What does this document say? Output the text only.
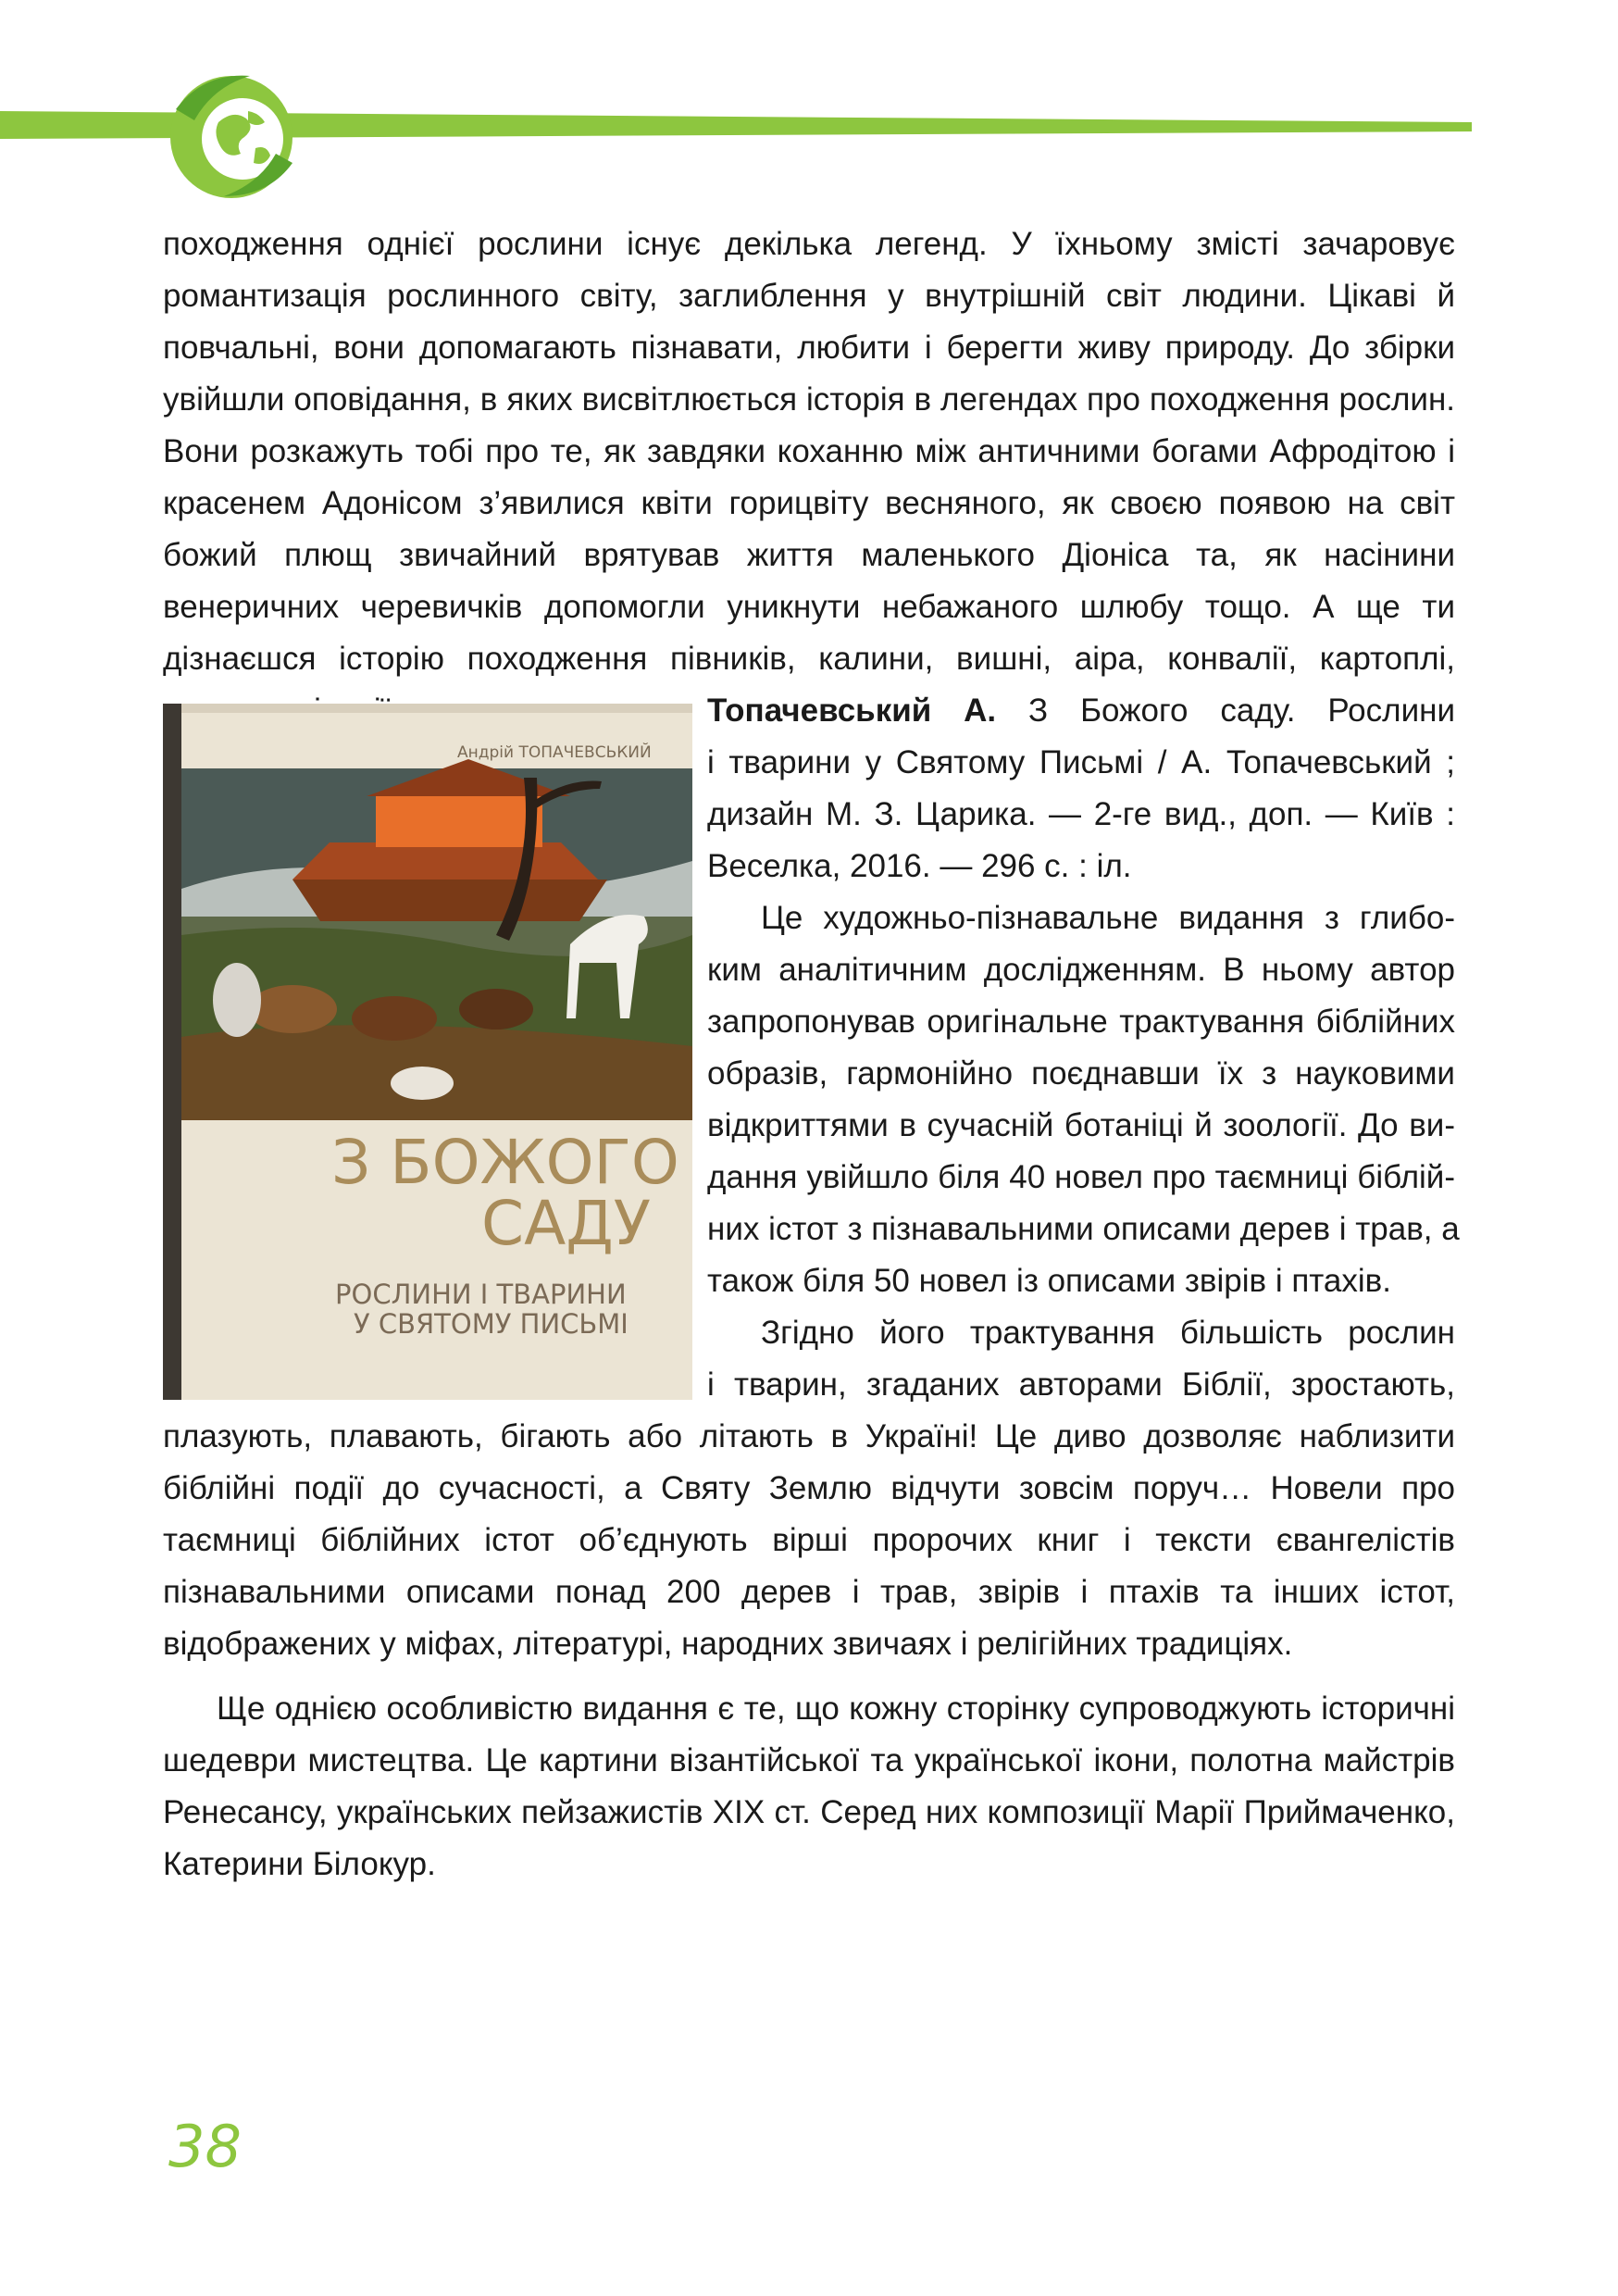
походження однієї рослини існує декілька легенд. У їхньому змісті зачаровує романтизація рослинного світу, заглиблення у внутрішній світ людини. Цікаві й повчальні, вони допомагають пізнавати, любити і берегти живу природу. До збірки увійшли оповідання, в яких висвітлюється історія в легендах про походження рослин. Вони розкажуть тобі про те, як завдяки коханню між античними богами Афродітою і красенем Адонісом з’явилися квіти горицвіту весняного, як своєю появою на світ божий плющ звичайний врятував життя маленького Діоніса та, як насінини венеричних черевичків допомогли уникнути небажаного шлюбу тощо. А ще ти дізнаєшся історію походження півників, калини, вишні, аіра, конвалії, картоплі,

Андрій ТОПАЧЕВСЬКИЙ
З БОЖОГО
САДУ
РОСЛИНИ І ТВАРИНИ
У СВЯТОМУ ПИСЬМІ

Топачевський А. З Божого саду. Рослини

і тварини у Святому Письмі / А. Топачевський ;

дизайн М. З. Царика. — 2-ге вид., доп. — Київ :

Веселка, 2016. — 296 с. : іл.

Це художньо-пізнавальне видання з глибо-

ким аналітичним дослідженням. В ньому автор

запропонував оригінальне трактування біблійних

образів, гармонійно поєднавши їх з науковими

відкриттями в сучасній ботаніці й зоології. До ви-

дання увійшло біля 40 новел про таємниці біблій-

них істот з пізнавальними описами дерев і трав, а

також біля 50 новел із описами звірів і птахів.

Згідно його трактування більшість рослин

і тварин, згаданих авторами Біблії, зростають,

плазують, плавають, бігають або літають в Україні! Це диво дозволяє наблизити біблійні події до сучасності, а Святу Землю відчути зовсім поруч… Новели про таємниці біблійних істот об’єднують вірші пророчих книг і тексти євангелістів пізнавальними описами понад 200 дерев і трав, звірів і птахів та інших істот, відображених у міфах, літературі, народних звичаях і релігійних традиціях.

Ще однією особливістю видання є те, що кожну сторінку супроводжують історичні шедеври мистецтва. Це картини візантійської та української ікони, полотна майстрів Ренесансу, українських пейзажистів XIX ст. Серед них композиції Марії Приймаченко, Катерини Білокур.

38
